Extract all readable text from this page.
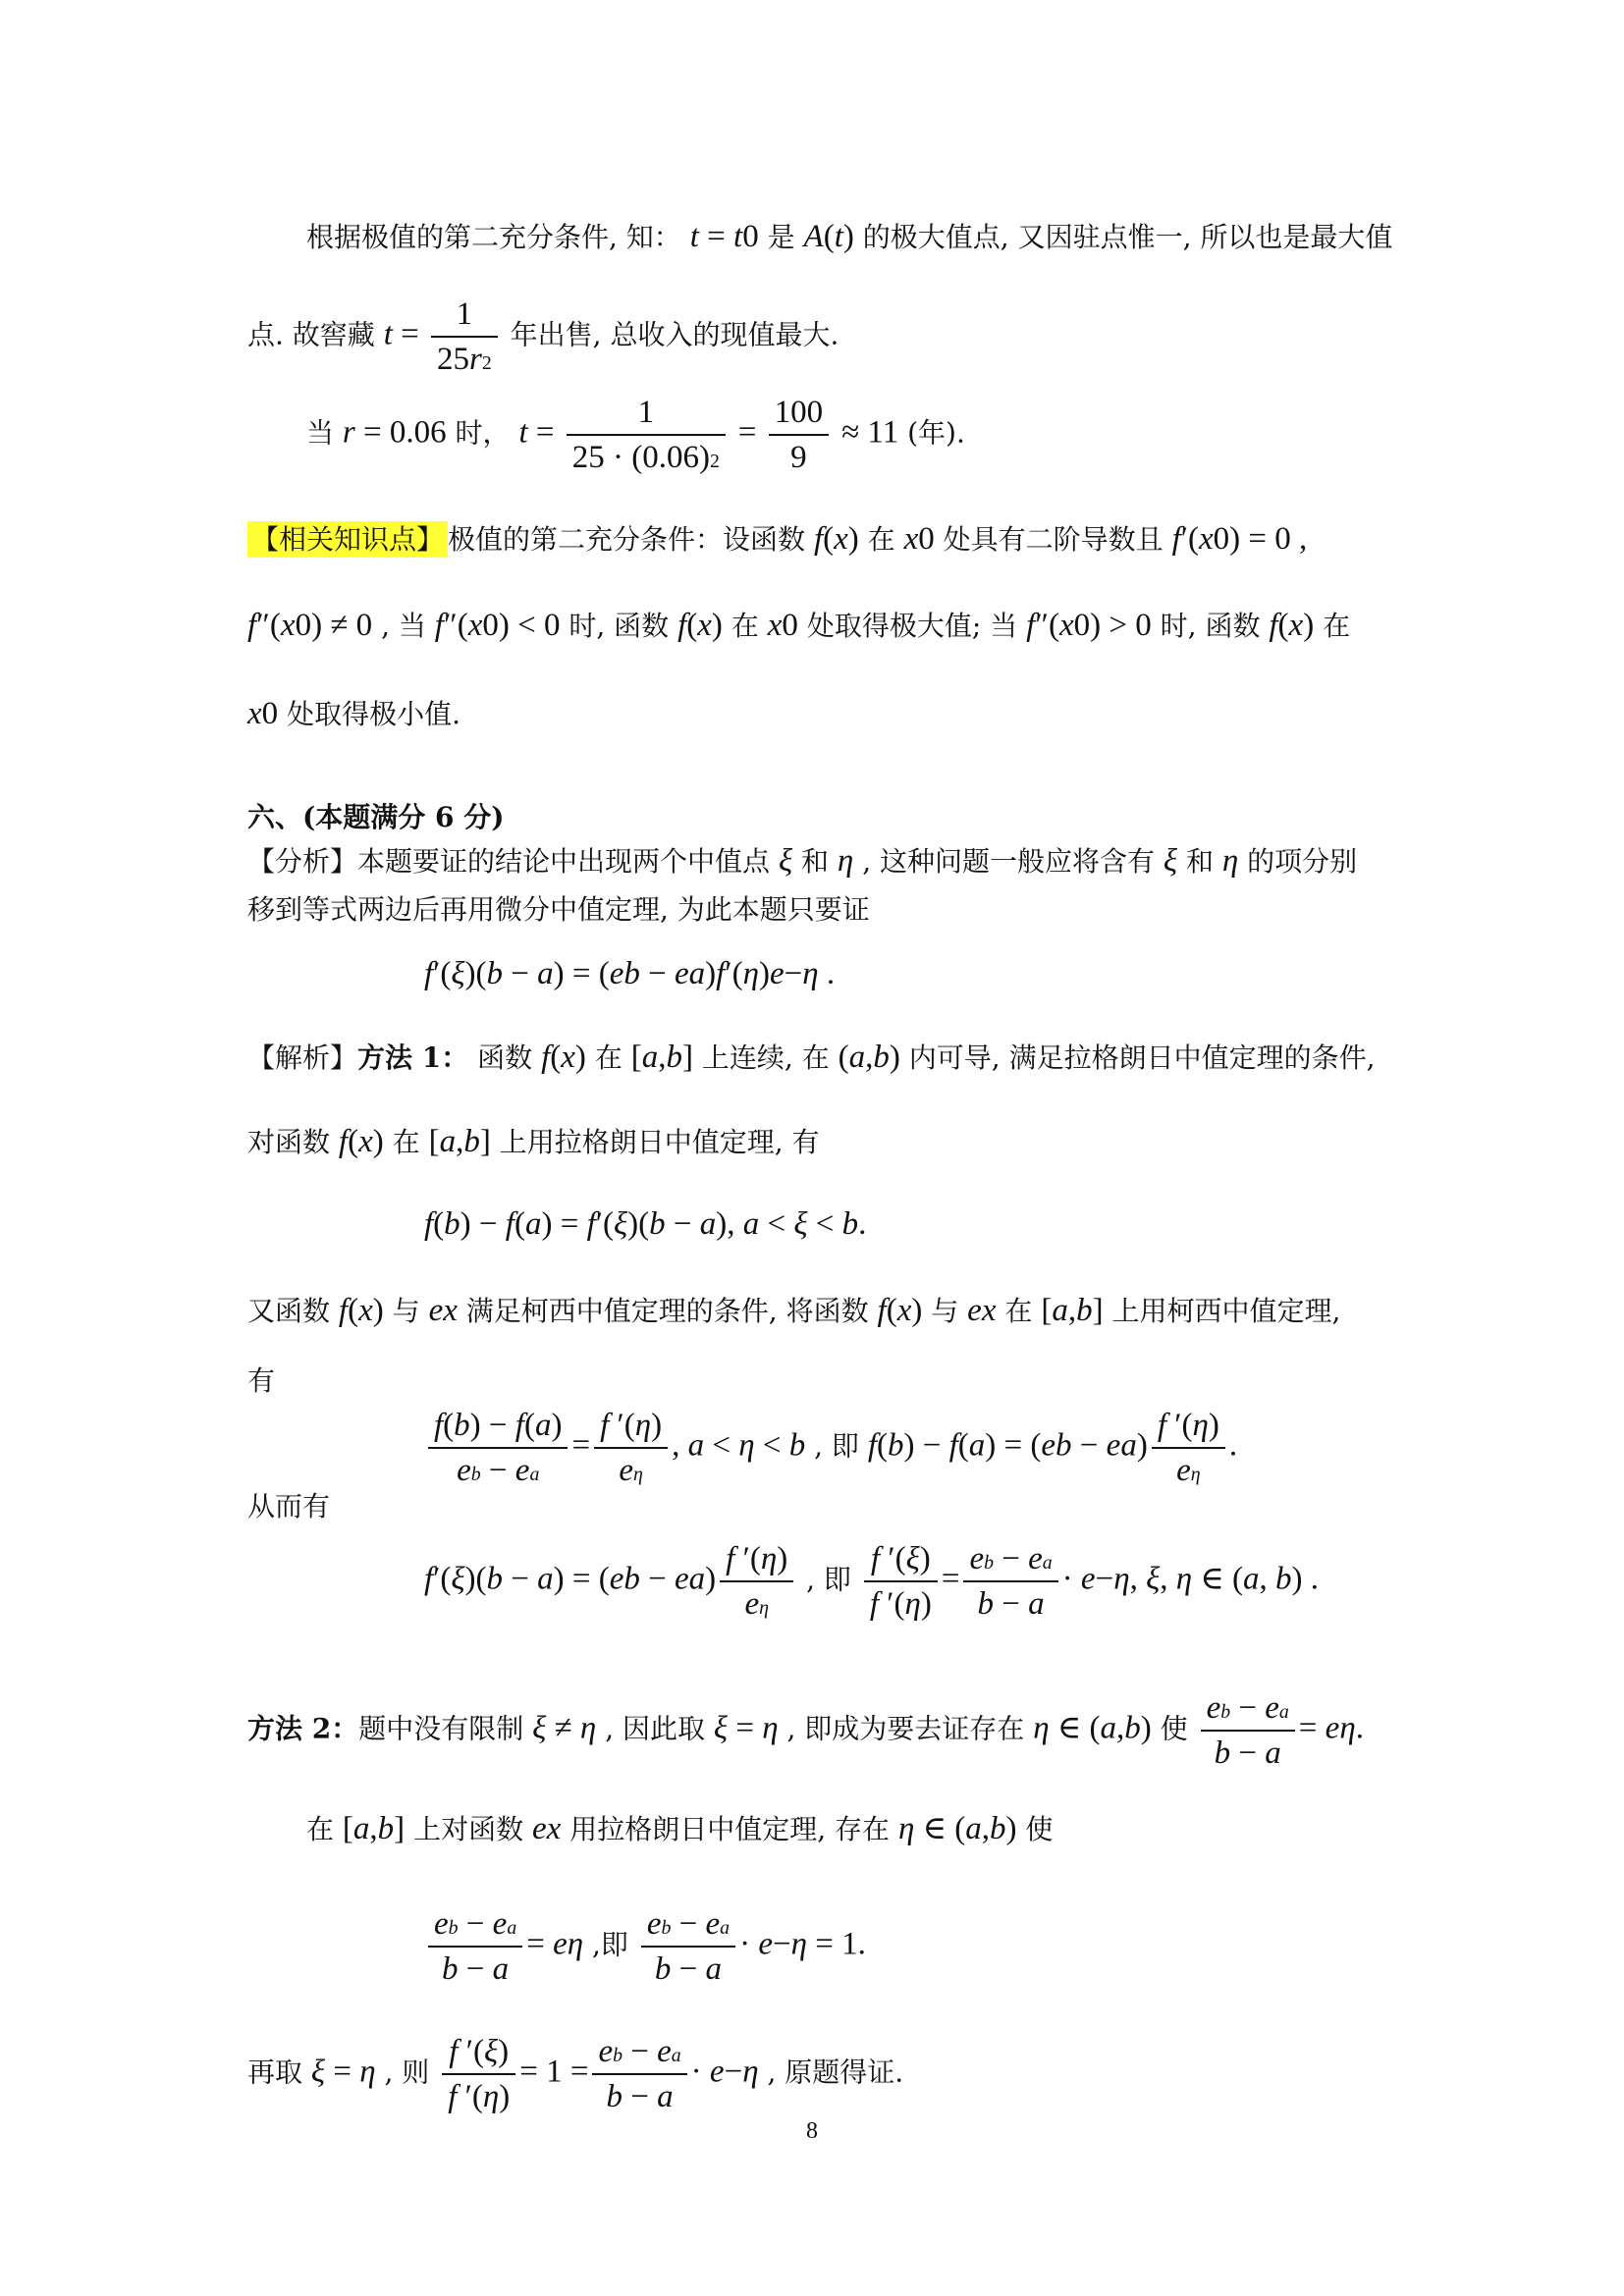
根据极值的第二充分条件, 知： $t = t_0$ 是 A(t) 的极大值点, 又因驻点惟一, 所以也是最大值
点. 故窖藏 $t = \frac{1}{25r^2}$ 年出售, 总收入的现值最大.
当 r = 0.06 时， $t = \frac{1}{25 \cdot (0.06)^2} = \frac{100}{9} \approx 11$ (年).
【相关知识点】 极值的第二充分条件：设函数 f(x) 在 $x_0$ 处具有二阶导数且 $f'(x_0) = 0$ ,
$f''(x_0) \ne 0$ , 当 $f''(x_0) < 0$ 时, 函数 f(x) 在 $x_0$ 处取得极大值; 当 $f''(x_0) > 0$ 时, 函数 f(x) 在
$x_0$ 处取得极小值.
六、(本题满分 6 分)
【分析】本题要证的结论中出现两个中值点 ξ 和 η , 这种问题一般应将含有 ξ 和 η 的项分别
移到等式两边后再用微分中值定理, 为此本题只要证
$f'(\xi)(b - a) = (e^b - e^a)f'(\eta)e^{-\eta}$ .
【解析】方法 1： 函数 f(x) 在 [a,b] 上连续, 在 (a,b) 内可导, 满足拉格朗日中值定理的条件,
对函数 f(x) 在 [a,b] 上用拉格朗日中值定理, 有
f(b) − f(a) = f′(ξ)(b − a), a < ξ < b.
又函数 f(x) 与 $e^x$ 满足柯西中值定理的条件, 将函数 f(x) 与 $e^x$ 在 [a,b] 上用柯西中值定理,
有
$\frac{f(b) - f(a)}{e^b - e^a} = \frac{f '(\eta)}{e^\eta}$ , a < η < b , 即 $f(b) - f(a) = (e^b - e^a) \frac{f '(\eta)}{e^\eta}$ .
从而有
$f'(\xi)(b - a) = (e^b - e^a) \frac{f '(\eta)}{e^\eta}$ , 即 $\frac{f '(\xi)}{f '(\eta)} = \frac{e^b - e^a}{b - a} \cdot e^{-\eta}$, ξ, η ∈ (a, b) .
方法 2：题中没有限制 ξ ≠ η , 因此取 ξ = η , 即成为要去证存在 η ∈ (a,b) 使 $\frac{e^b - e^a}{b - a} = e^\eta$.
在 [a,b] 上对函数 $e^x$ 用拉格朗日中值定理, 存在 η ∈ (a,b) 使
$\frac{e^b - e^a}{b - a} = e^\eta$ ,即 $\frac{e^b - e^a}{b - a} \cdot e^{-\eta} = 1$.
再取 ξ = η , 则 $\frac{f '(\xi)}{f '(\eta)} = 1 = \frac{e^b - e^a}{b - a} \cdot e^{-\eta}$ , 原题得证.
8
